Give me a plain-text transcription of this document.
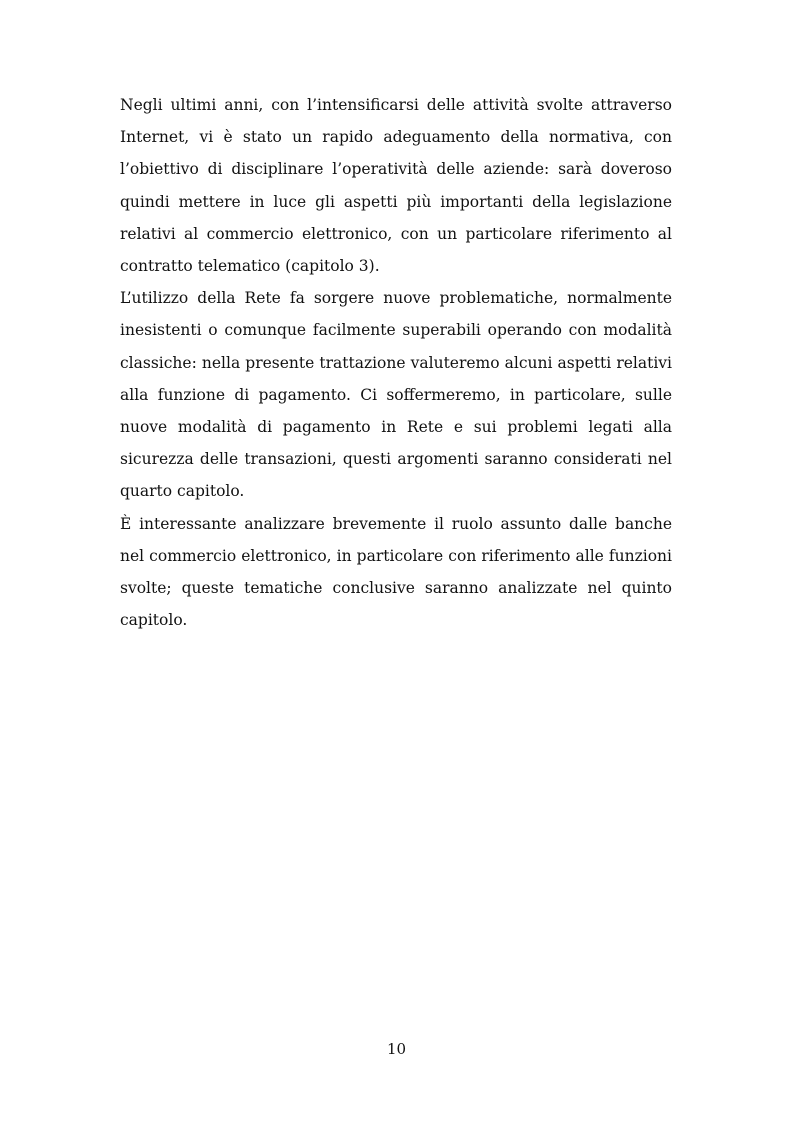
Negli ultimi anni, con l’intensificarsi delle attività svolte attraverso Internet, vi è stato un rapido adeguamento della normativa, con l’obiettivo di disciplinare l’operatività delle aziende: sarà doveroso quindi mettere in luce gli aspetti più importanti della legislazione relativi al commercio elettronico, con un particolare riferimento al contratto telematico (capitolo 3).

L’utilizzo della Rete fa sorgere nuove problematiche, normalmente inesistenti o comunque facilmente superabili operando con modalità classiche: nella presente trattazione valuteremo alcuni aspetti relativi alla funzione di pagamento. Ci soffermeremo, in particolare, sulle nuove modalità di pagamento in Rete e sui problemi legati alla sicurezza delle transazioni, questi argomenti saranno considerati nel quarto capitolo.

È interessante analizzare brevemente il ruolo assunto dalle banche nel commercio elettronico, in particolare con riferimento alle funzioni svolte; queste tematiche conclusive saranno analizzate nel quinto capitolo.

10
